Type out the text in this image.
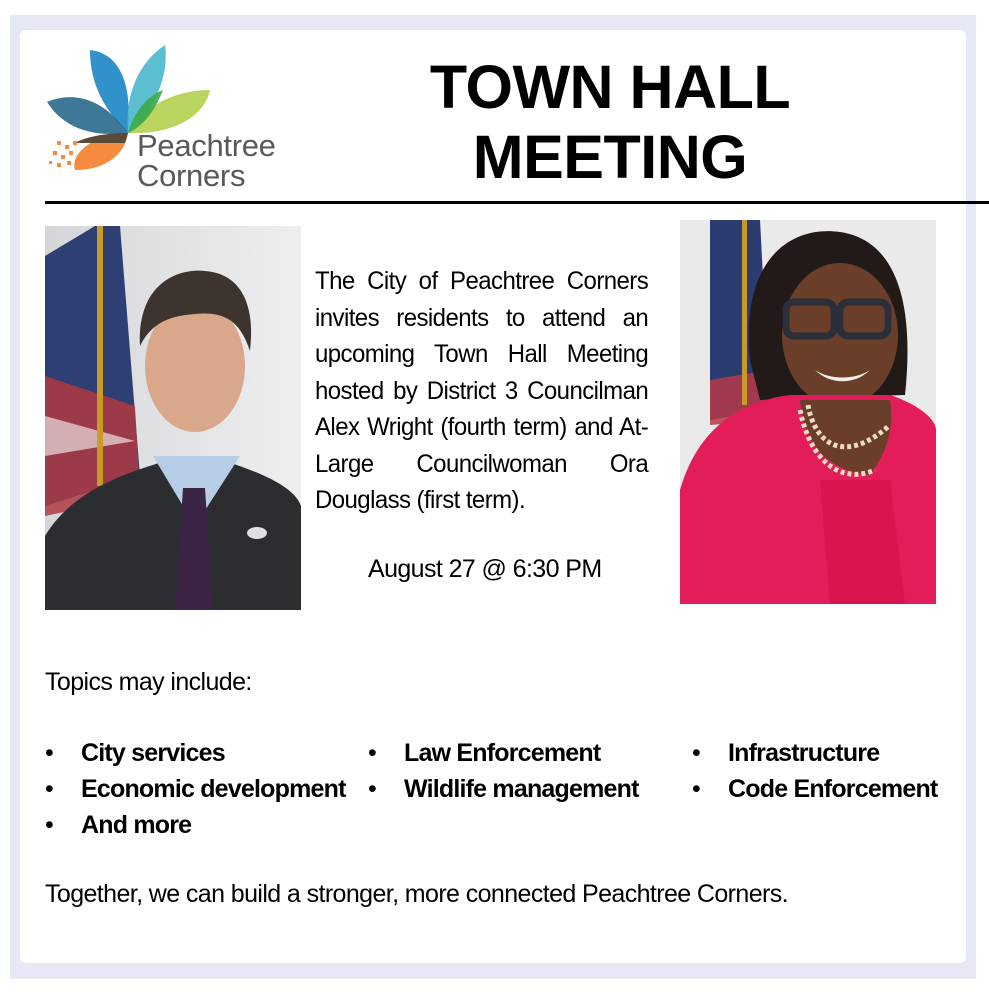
Peachtree
Corners
TOWN HALL
MEETING
The City of Peachtree Corners invites residents to attend an upcoming Town Hall Meeting hosted by District 3 Councilman Alex Wright (fourth term) and At-Large Councilwoman Ora Douglass (first term).
August 27 @ 6:30 PM
Topics may include:
• City services
• Economic development
• And more
• Law Enforcement
• Wildlife management
• Infrastructure
• Code Enforcement
Together, we can build a stronger, more connected Peachtree Corners.
